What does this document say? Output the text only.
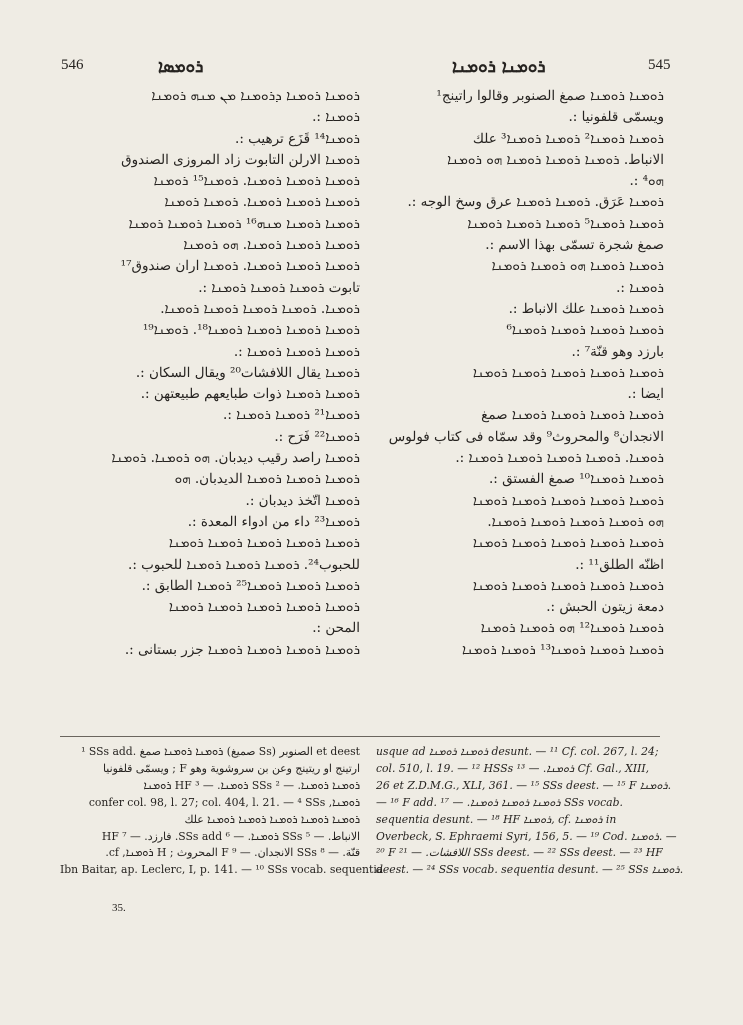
546	ܪܘܡܣܐ	ܪܘܡܢܐ ܪܘܡܢܐ	545

ܪܘܡܢܐ ܪܘܡܢܐ ܕܪܘܡܢܐ ܡܢ ܡܢܗ ܪܘܡܢܐ

ܪܘܡܢܐ :.

ܪܘܡܢܐ¹⁴ قَزَع ترهيب :.

ܪܘܡܢܐ الارلن التابوت زاد المروزى الصندوق

ܪܘܡܢܐ ܪܘܡܢܐ ܪܘܡܢܐ. ܪܘܡܢܐ¹⁵ ܪܘܡܢܐ

ܪܘܡܢܐ ܪܘܡܢܐ ܪܘܡܢܐ. ܪܘܡܢܐ ܪܘܡܢܐ

ܪܘܡܢܐ ܪܘܡܢܐ ܡܢܗ¹⁶ ܪܘܡܢܐ ܪܘܡܢܐ ܪܘܡܢܐ

ܪܘܡܢܐ ܪܘܡܢܐ ܪܘܡܢܐ. ܗܘ ܪܘܡܢܐ

ܪܘܡܢܐ ܪܘܡܢܐ ܪܘܡܢܐ. ܪܘܡܢܐ اران صندوق¹⁷

تابوت ܪܘܡܢܐ ܪܘܡܢܐ ܪܘܡܢܐ :.

ܪܘܡܢܐ. ܪܘܡܢܐ ܪܘܡܢܐ ܪܘܡܢܐ ܪܘܡܢܐ.

ܪܘܡܢܐ ܪܘܡܢܐ ܪܘܡܢܐ ܪܘܡܢܐ¹⁸. ܪܘܡܢܐ¹⁹

ܪܘܡܢܐ ܪܘܡܢܐ ܪܘܡܢܐ :.

ܪܘܡܢܐ يقال اللافشات²⁰ ويقال السكان :.

ܪܘܡܢܐ ܪܘܡܢܐ ذوات طبايعهم طبيعتهن :.

ܪܘܡܢܐ²¹ ܪܘܡܢܐ ܪܘܡܢܐ :.

ܪܘܡܢܐ²² فَرَح :.

ܪܘܡܢܐ راصد رقيب ديدبان. ܗܘ ܪܘܡܢܐ. ܪܘܡܢܐ

ܪܘܡܢܐ ܪܘܡܢܐ ܪܘܡܢܐ الديدبان. ܗܘ

ܪܘܡܢܐ اتّخذ ديدبان :.

ܪܘܡܢܐ²³ داء من ادواء المعدة :.

ܪܘܡܢܐ ܪܘܡܢܐ ܪܘܡܢܐ ܪܘܡܢܐ ܪܘܡܢܐ

للحبوب²⁴. ܪܘܡܢܐ ܪܘܡܢܐ ܪܘܡܢܐ للحبوب :.

ܪܘܡܢܐ ܪܘܡܢܐ ܪܘܡܢܐ²⁵ ܪܘܡܢܐ الطابق :.

ܪܘܡܢܐ ܪܘܡܢܐ ܪܘܡܢܐ ܪܘܡܢܐ ܪܘܡܢܐ

المحن :.

ܪܘܡܢܐ ܪܘܡܢܐ ܪܘܡܢܐ ܪܘܡܢܐ جزر بستانى :.

ܪܘܡܢܐ ܪܘܡܢܐ صمغ الصنوبر وقالوا راتينج¹

ويسمّى قلفونيا :.

ܪܘܡܢܐ ܪܘܡܢܐ² ܪܘܡܢܐ ܪܘܡܢܐ³ علك

الانباط. ܪܘܡܢܐ ܪܘܡܢܐ ܪܘܡܢܐ ܗܘ ܪܘܡܢܐ

ܗܘ⁴ :.

ܪܘܡܢܐ عَرَق. ܪܘܡܢܐ ܪܘܡܢܐ عرق وسخ الوجه :.

ܪܘܡܢܐ ܪܘܡܢܐ⁵ ܪܘܡܢܐ ܪܘܡܢܐ ܪܘܡܢܐ

صمغ شجرة تسمّى بهذا الاسم :.

ܪܘܡܢܐ ܪܘܡܢܐ ܗܘ ܪܘܡܢܐ ܪܘܡܢܐ

ܪܘܡܢܐ :.

ܪܘܡܢܐ ܪܘܡܢܐ علك الانباط :.

ܪܘܡܢܐ ܪܘܡܢܐ ܪܘܡܢܐ ܪܘܡܢܐ⁶

بارزد وهو قنّة⁷ :.

ܪܘܡܢܐ ܪܘܡܢܐ ܪܘܡܢܐ ܪܘܡܢܐ ܪܘܡܢܐ

ايضا :.

ܪܘܡܢܐ ܪܘܡܢܐ ܪܘܡܢܐ ܪܘܡܢܐ صمغ

الانجدان⁸ والمحروث⁹ وقد سمّاه فى كتاب فولوس

ܪܘܡܢܐ. ܪܘܡܢܐ ܪܘܡܢܐ ܪܘܡܢܐ ܪܘܡܢܐ :.

ܪܘܡܢܐ ܪܘܡܢܐ¹⁰ صمغ الفستق :.

ܪܘܡܢܐ ܪܘܡܢܐ ܪܘܡܢܐ ܪܘܡܢܐ ܪܘܡܢܐ

ܗܘ ܪܘܡܢܐ ܪܘܡܢܐ ܪܘܡܢܐ ܪܘܡܢܐ.

ܪܘܡܢܐ ܪܘܡܢܐ ܪܘܡܢܐ ܪܘܡܢܐ ܪܘܡܢܐ

اظنّه الطلق¹¹ :.

ܪܘܡܢܐ ܪܘܡܢܐ ܪܘܡܢܐ ܪܘܡܢܐ ܪܘܡܢܐ

دمعة زيتون الحبش :.

ܪܘܡܢܐ ܪܘܡܢܐ¹² ܗܘ ܪܘܡܢܐ ܪܘܡܢܐ

ܪܘܡܢܐ ܪܘܡܢܐ ܪܘܡܢܐ¹³ ܪܘܡܢܐ ܪܘܡܢܐ

¹ SSs add. ܪܘܡܢܐ ܪܘܡܢܐ صمغ (صميغ Ss) الصنوبر et deest

ارتينج او ريتينج وعن بن سروشوية وهو F ; ويسمّى قلفونيا

ܪܘܡܢܐ ܪܘܡܢܐ. — ² SSs ܪܘܡܢܐ. — ³ HF ܪܘܡܢܐ

ܪܘܡܢܐ, confer col. 98, l. 27; col. 404, l. 21. — ⁴ SSs

ܪܘܡܢܐ ܪܘܡܢܐ ܪܘܡܢܐ ܪܘܡܢܐ ܪܘܡܢܐ علك

الانباط. — ⁵ SSs ܪܘܡܢܐ. — ⁶ SSs add. فارزد. — ⁷ HF

قنّة. — ⁸ SSs الانجدان. — ⁹ F المحروث ; H ܪܘܡܢܐ, cf.

Ibn Baitar, ap. Leclerc, I, p. 141. — ¹⁰ SSs vocab. sequentia

usque ad ܪܘܡܢܐ ܪܘܡܢܐ desunt. — ¹¹ Cf. col. 267, l. 24;

col. 510, l. 19. — ¹² HSSs ܪܘܡܢܐ. — ¹³ Cf. Gal., XIII,

26 et Z.D.M.G., XLI, 361. — ¹⁵ SSs deest. — ¹⁵ F ܪܘܡܢܐ.

— ¹⁶ F add. ܪܘܡܢܐ ܪܘܡܢܐ ܪܘܡܢܐ. — ¹⁷ SSs vocab.

sequentia desunt. — ¹⁸ HF ܪܘܡܢܐ, cf. ܪܘܡܢܐ in

Overbeck, S. Ephraemi Syri, 156, 5. — ¹⁹ Cod. ܪܘܡܢܐ. —

²⁰ F اللافشات. — ²¹ SSs deest. — ²² SSs deest. — ²³ HF

deest. — ²⁴ SSs vocab. sequentia desunt. — ²⁵ SSs ܪܘܡܢܐ.

35.
